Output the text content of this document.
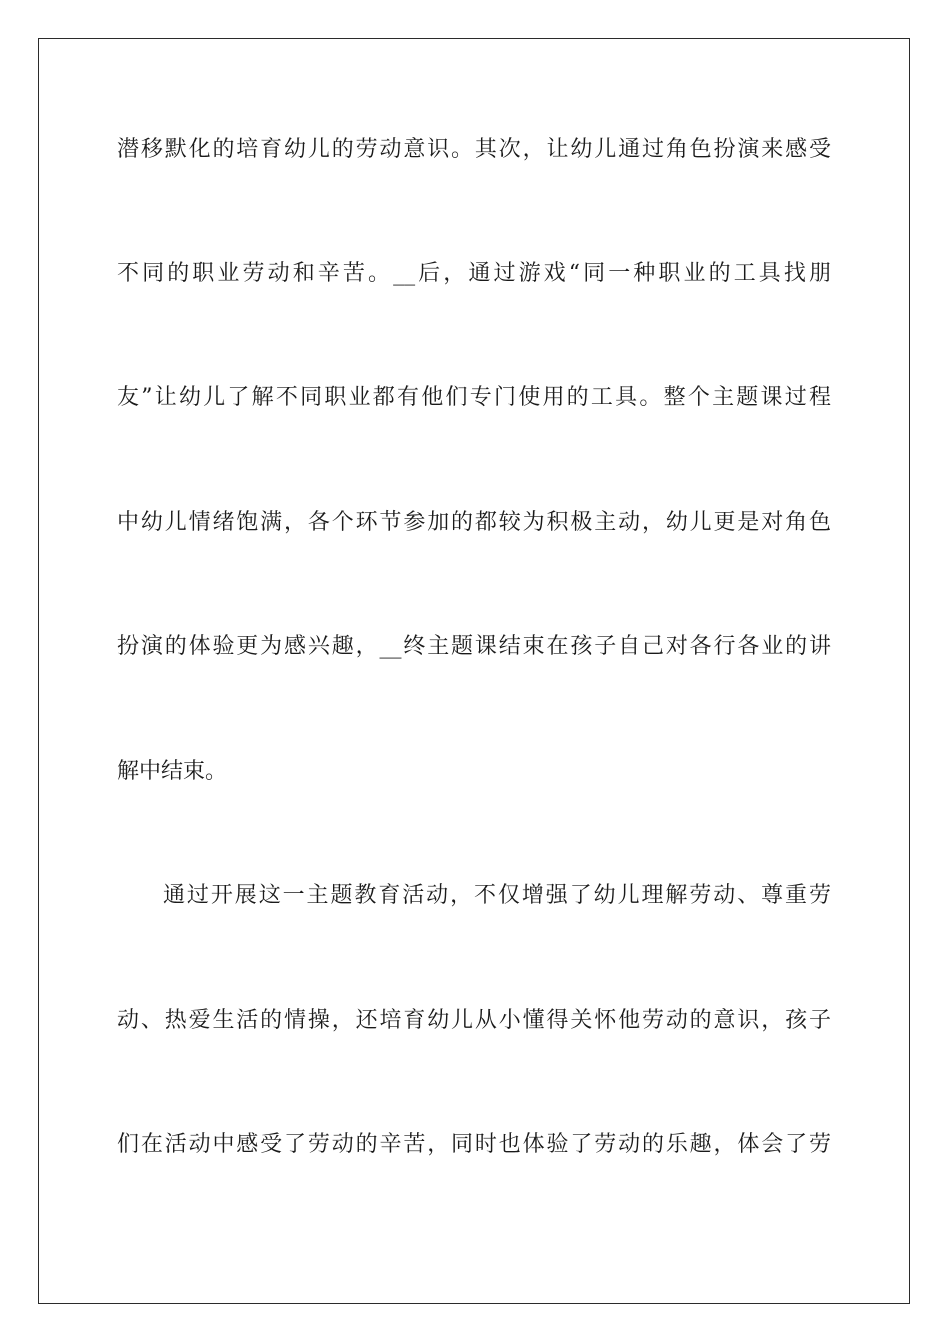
潜移默化的培育幼儿的劳动意识。其次，让幼儿通过角色扮演来感受

不同的职业劳动和辛苦。__后，通过游戏“同一种职业的工具找朋

友”让幼儿了解不同职业都有他们专门使用的工具。整个主题课过程

中幼儿情绪饱满，各个环节参加的都较为积极主动，幼儿更是对角色

扮演的体验更为感兴趣，__终主题课结束在孩子自己对各行各业的讲

解中结束。

通过开展这一主题教育活动，不仅增强了幼儿理解劳动、尊重劳

动、热爱生活的情操，还培育幼儿从小懂得关怀他劳动的意识，孩子

们在活动中感受了劳动的辛苦，同时也体验了劳动的乐趣，体会了劳
